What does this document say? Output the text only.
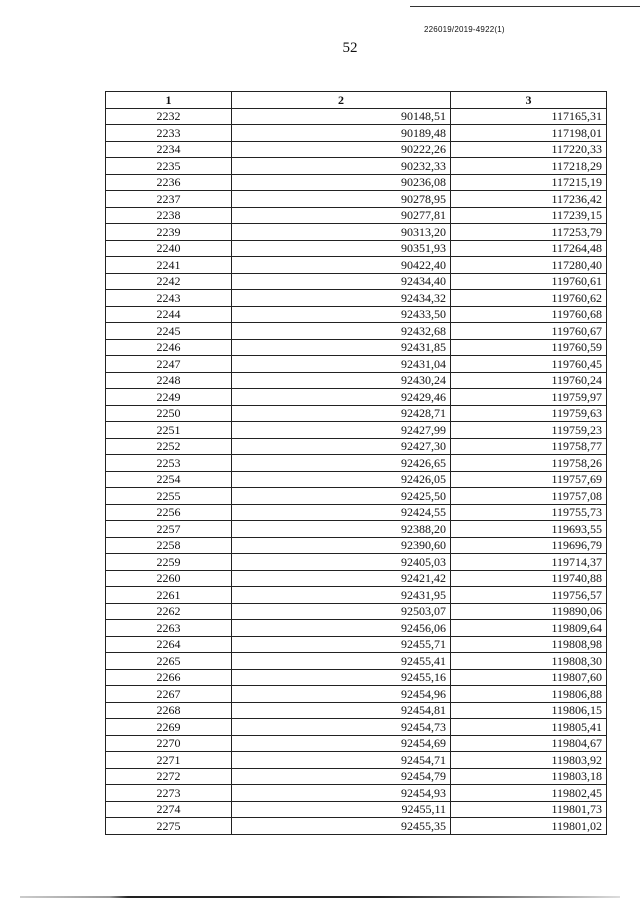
226019/2019-4922(1)
52
1	2	3
2232	90148,51	117165,31
2233	90189,48	117198,01
2234	90222,26	117220,33
2235	90232,33	117218,29
2236	90236,08	117215,19
2237	90278,95	117236,42
2238	90277,81	117239,15
2239	90313,20	117253,79
2240	90351,93	117264,48
2241	90422,40	117280,40
2242	92434,40	119760,61
2243	92434,32	119760,62
2244	92433,50	119760,68
2245	92432,68	119760,67
2246	92431,85	119760,59
2247	92431,04	119760,45
2248	92430,24	119760,24
2249	92429,46	119759,97
2250	92428,71	119759,63
2251	92427,99	119759,23
2252	92427,30	119758,77
2253	92426,65	119758,26
2254	92426,05	119757,69
2255	92425,50	119757,08
2256	92424,55	119755,73
2257	92388,20	119693,55
2258	92390,60	119696,79
2259	92405,03	119714,37
2260	92421,42	119740,88
2261	92431,95	119756,57
2262	92503,07	119890,06
2263	92456,06	119809,64
2264	92455,71	119808,98
2265	92455,41	119808,30
2266	92455,16	119807,60
2267	92454,96	119806,88
2268	92454,81	119806,15
2269	92454,73	119805,41
2270	92454,69	119804,67
2271	92454,71	119803,92
2272	92454,79	119803,18
2273	92454,93	119802,45
2274	92455,11	119801,73
2275	92455,35	119801,02
